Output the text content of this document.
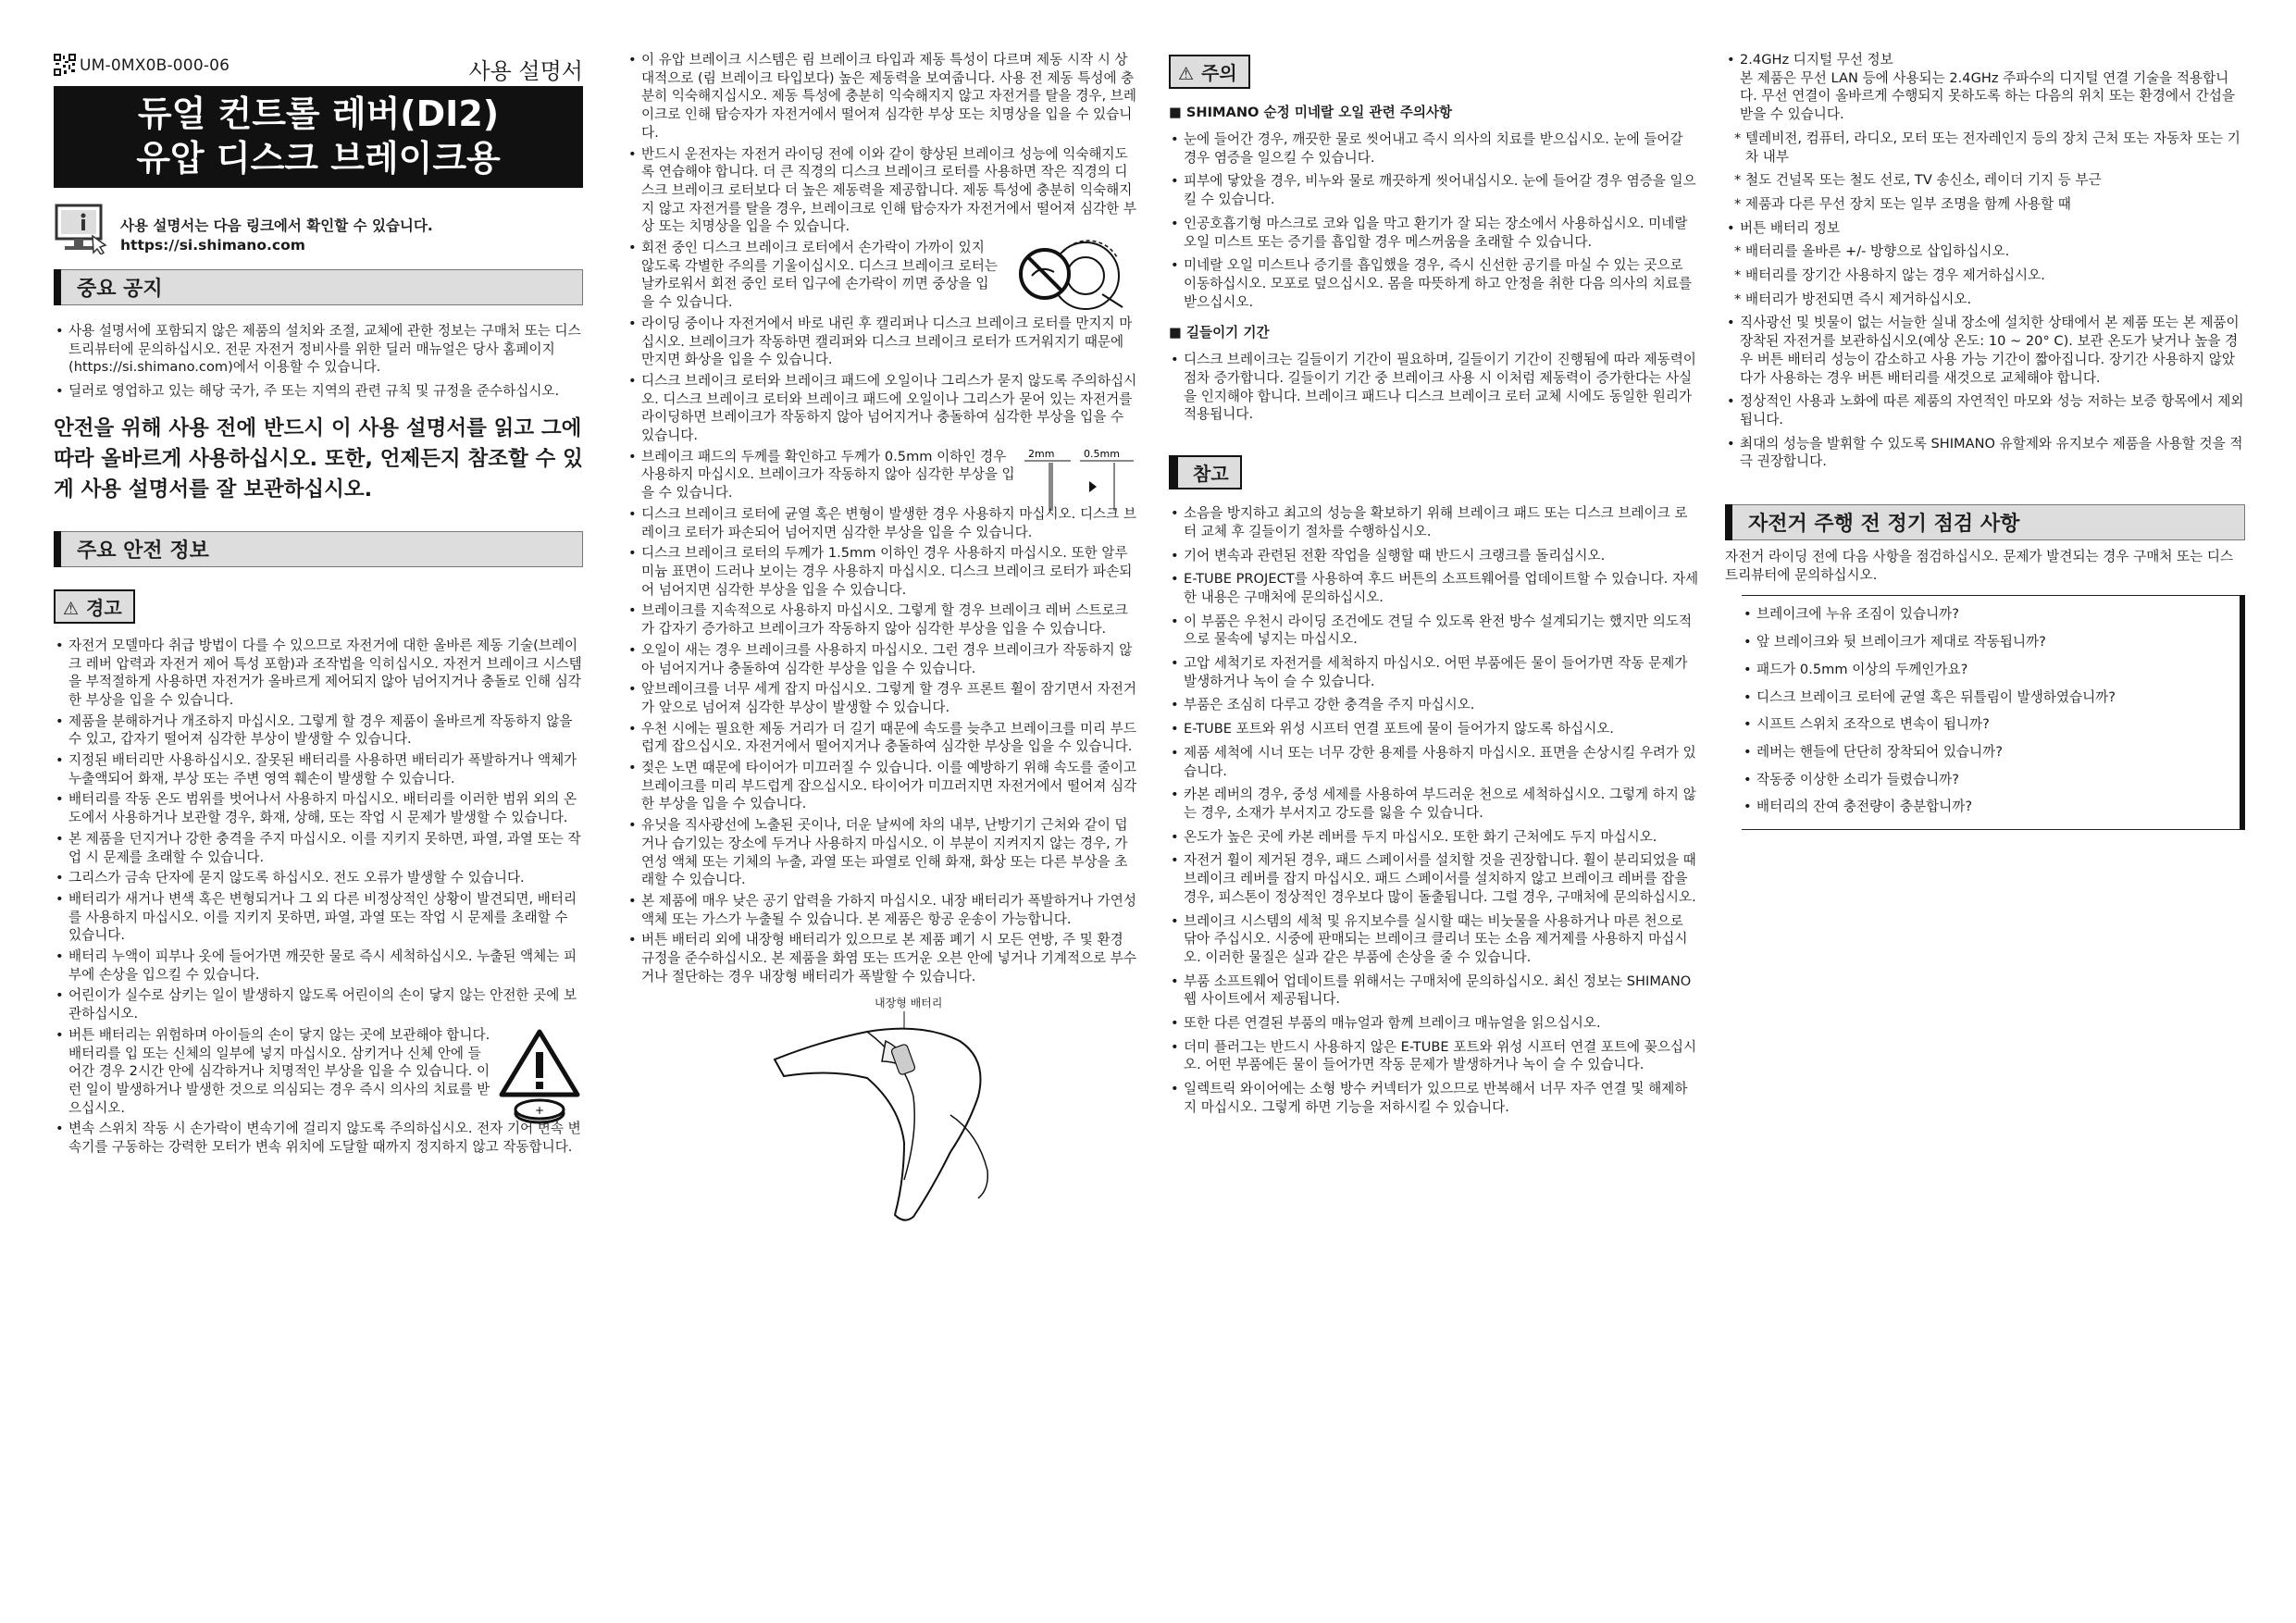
UM-0MX0B-000-06	사용 설명서
듀얼 컨트롤 레버(DI2)
유압 디스크 브레이크용
사용 설명서는 다음 링크에서 확인할 수 있습니다.
https://si.shimano.com
중요 공지
• 사용 설명서에 포함되지 않은 제품의 설치와 조절, 교체에 관한 정보는 구매처 또는 디스트리뷰터에 문의하십시오. 전문 자전거 정비사를 위한 딜러 매뉴얼은 당사 홈페이지(https://si.shimano.com)에서 이용할 수 있습니다.
• 딜러로 영업하고 있는 해당 국가, 주 또는 지역의 관련 규칙 및 규정을 준수하십시오.

안전을 위해 사용 전에 반드시 이 사용 설명서를 읽고 그에 따라 올바르게 사용하십시오. 또한, 언제든지 참조할 수 있게 사용 설명서를 잘 보관하십시오.

주요 안전 정보
⚠ 경고
• 자전거 모델마다 취급 방법이 다를 수 있으므로 자전거에 대한 올바른 제동 기술(브레이크 레버 압력과 자전거 제어 특성 포함)과 조작법을 익히십시오. 자전거 브레이크 시스템을 부적절하게 사용하면 자전거가 올바르게 제어되지 않아 넘어지거나 충돌로 인해 심각한 부상을 입을 수 있습니다.
• 제품을 분해하거나 개조하지 마십시오. 그렇게 할 경우 제품이 올바르게 작동하지 않을 수 있고, 갑자기 떨어져 심각한 부상이 발생할 수 있습니다.
• 지정된 배터리만 사용하십시오. 잘못된 배터리를 사용하면 배터리가 폭발하거나 액체가 누출액되어 화재, 부상 또는 주변 영역 훼손이 발생할 수 있습니다.
• 배터리를 작동 온도 범위를 벗어나서 사용하지 마십시오. 배터리를 이러한 범위 외의 온도에서 사용하거나 보관할 경우, 화재, 상해, 또는 작업 시 문제가 발생할 수 있습니다.
• 본 제품을 던지거나 강한 충격을 주지 마십시오. 이를 지키지 못하면, 파열, 과열 또는 작업 시 문제를 초래할 수 있습니다.
• 그리스가 금속 단자에 묻지 않도록 하십시오. 전도 오류가 발생할 수 있습니다.
• 배터리가 새거나 변색 혹은 변형되거나 그 외 다른 비정상적인 상황이 발견되면, 배터리를 사용하지 마십시오. 이를 지키지 못하면, 파열, 과열 또는 작업 시 문제를 초래할 수 있습니다.
• 배터리 누액이 피부나 옷에 들어가면 깨끗한 물로 즉시 세척하십시오. 누출된 액체는 피부에 손상을 입으킬 수 있습니다.
• 어린이가 실수로 삼키는 일이 발생하지 않도록 어린이의 손이 닿지 않는 안전한 곳에 보관하십시오.
• 버튼 배터리는 위험하며 아이들의 손이 닿지 않는 곳에 보관해야 합니다. 배터리를 입 또는 신체의 일부에 넣지 마십시오. 삼키거나 신체 안에 들어간 경우 2시간 안에 심각하거나 치명적인 부상을 입을 수 있습니다. 이런 일이 발생하거나 발생한 것으로 의심되는 경우 즉시 의사의 치료를 받으십시오.	+
• 변속 스위치 작동 시 손가락이 변속기에 걸리지 않도록 주의하십시오. 전자 기어 변속 변속기를 구동하는 강력한 모터가 변속 위치에 도달할 때까지 정지하지 않고 작동합니다.
• 이 유압 브레이크 시스템은 림 브레이크 타입과 제동 특성이 다르며 제동 시작 시 상대적으로 (림 브레이크 타입보다) 높은 제동력을 보여줍니다. 사용 전 제동 특성에 충분히 익숙해지십시오. 제동 특성에 충분히 익숙해지지 않고 자전거를 탈을 경우, 브레이크로 인해 탑승자가 자전거에서 떨어져 심각한 부상 또는 치명상을 입을 수 있습니다.
• 반드시 운전자는 자전거 라이딩 전에 이와 같이 향상된 브레이크 성능에 익숙해지도록 연습해야 합니다. 더 큰 직경의 디스크 브레이크 로터를 사용하면 작은 직경의 디스크 브레이크 로터보다 더 높은 제동력을 제공합니다. 제동 특성에 충분히 익숙해지지 않고 자전거를 탈을 경우, 브레이크로 인해 탑승자가 자전거에서 떨어져 심각한 부상 또는 치명상을 입을 수 있습니다.
• 회전 중인 디스크 브레이크 로터에서 손가락이 가까이 있지 않도록 각별한 주의를 기울이십시오. 디스크 브레이크 로터는 날카로워서 회전 중인 로터 입구에 손가락이 끼면 중상을 입을 수 있습니다.
• 라이딩 중이나 자전거에서 바로 내린 후 캘리퍼나 디스크 브레이크 로터를 만지지 마십시오. 브레이크가 작동하면 캘리퍼와 디스크 브레이크 로터가 뜨거워지기 때문에 만지면 화상을 입을 수 있습니다.
• 디스크 브레이크 로터와 브레이크 패드에 오일이나 그리스가 묻지 않도록 주의하십시오. 디스크 브레이크 로터와 브레이크 패드에 오일이나 그리스가 묻어 있는 자전거를 라이딩하면 브레이크가 작동하지 않아 넘어지거나 충돌하여 심각한 부상을 입을 수 있습니다.
• 브레이크 패드의 두께를 확인하고 두께가 0.5mm 이하인 경우 사용하지 마십시오. 브레이크가 작동하지 않아 심각한 부상을 입을 수 있습니다.
2mm	0.5mm
• 디스크 브레이크 로터에 균열 혹은 변형이 발생한 경우 사용하지 마십시오. 디스크 브레이크 로터가 파손되어 넘어지면 심각한 부상을 입을 수 있습니다.
• 디스크 브레이크 로터의 두께가 1.5mm 이하인 경우 사용하지 마십시오. 또한 알루미늄 표면이 드러나 보이는 경우 사용하지 마십시오. 디스크 브레이크 로터가 파손되어 넘어지면 심각한 부상을 입을 수 있습니다.
• 브레이크를 지속적으로 사용하지 마십시오. 그렇게 할 경우 브레이크 레버 스트로크가 갑자기 증가하고 브레이크가 작동하지 않아 심각한 부상을 입을 수 있습니다.
• 오일이 새는 경우 브레이크를 사용하지 마십시오. 그런 경우 브레이크가 작동하지 않아 넘어지거나 충돌하여 심각한 부상을 입을 수 있습니다.
• 앞브레이크를 너무 세게 잡지 마십시오. 그렇게 할 경우 프론트 휠이 잠기면서 자전거가 앞으로 넘어져 심각한 부상이 발생할 수 있습니다.
• 우천 시에는 필요한 제동 거리가 더 길기 때문에 속도를 늦추고 브레이크를 미리 부드럽게 잡으십시오. 자전거에서 떨어지거나 충돌하여 심각한 부상을 입을 수 있습니다.
• 젖은 노면 때문에 타이어가 미끄러질 수 있습니다. 이를 예방하기 위해 속도를 줄이고 브레이크를 미리 부드럽게 잡으십시오. 타이어가 미끄러지면 자전거에서 떨어져 심각한 부상을 입을 수 있습니다.
• 유닛을 직사광선에 노출된 곳이나, 더운 날씨에 차의 내부, 난방기기 근처와 같이 덥거나 습기있는 장소에 두거나 사용하지 마십시오. 이 부분이 지켜지지 않는 경우, 가연성 액체 또는 기체의 누출, 과열 또는 파열로 인해 화재, 화상 또는 다른 부상을 초래할 수 있습니다.
• 본 제품에 매우 낮은 공기 압력을 가하지 마십시오. 내장 배터리가 폭발하거나 가연성 액체 또는 가스가 누출될 수 있습니다. 본 제품은 항공 운송이 가능합니다.
• 버튼 배터리 외에 내장형 배터리가 있으므로 본 제품 폐기 시 모든 연방, 주 및 환경 규정을 준수하십시오. 본 제품을 화염 또는 뜨거운 오븐 안에 넣거나 기계적으로 부수거나 절단하는 경우 내장형 배터리가 폭발할 수 있습니다.
내장형 배터리
⚠ 주의

■ SHIMANO 순정 미네랄 오일 관련 주의사항

• 눈에 들어간 경우, 깨끗한 물로 씻어내고 즉시 의사의 치료를 받으십시오. 눈에 들어갈 경우 염증을 일으킬 수 있습니다.
• 피부에 닿았을 경우, 비누와 물로 깨끗하게 씻어내십시오. 눈에 들어갈 경우 염증을 일으킬 수 있습니다.
• 인공호흡기형 마스크로 코와 입을 막고 환기가 잘 되는 장소에서 사용하십시오. 미네랄 오일 미스트 또는 증기를 흡입할 경우 메스꺼움을 초래할 수 있습니다.
• 미네랄 오일 미스트나 증기를 흡입했을 경우, 즉시 신선한 공기를 마실 수 있는 곳으로 이동하십시오. 모포로 덮으십시오. 몸을 따뜻하게 하고 안정을 취한 다음 의사의 치료를 받으십시오.

■ 길들이기 기간

• 디스크 브레이크는 길들이기 기간이 필요하며, 길들이기 기간이 진행됨에 따라 제동력이 점차 증가합니다. 길들이기 기간 중 브레이크 사용 시 이처럼 제동력이 증가한다는 사실을 인지해야 합니다. 브레이크 패드나 디스크 브레이크 로터 교체 시에도 동일한 원리가 적용됩니다.
참고
• 소음을 방지하고 최고의 성능을 확보하기 위해 브레이크 패드 또는 디스크 브레이크 로터 교체 후 길들이기 절차를 수행하십시오.
• 기어 변속과 관련된 전환 작업을 실행할 때 반드시 크랭크를 돌리십시오.
• E-TUBE PROJECT를 사용하여 후드 버튼의 소프트웨어를 업데이트할 수 있습니다. 자세한 내용은 구매처에 문의하십시오.
• 이 부품은 우천시 라이딩 조건에도 견딜 수 있도록 완전 방수 설계되기는 했지만 의도적으로 물속에 넣지는 마십시오.
• 고압 세척기로 자전거를 세척하지 마십시오. 어떤 부품에든 물이 들어가면 작동 문제가 발생하거나 녹이 슬 수 있습니다.
• 부품은 조심히 다루고 강한 충격을 주지 마십시오.
• E-TUBE 포트와 위성 시프터 연결 포트에 물이 들어가지 않도록 하십시오.
• 제품 세척에 시너 또는 너무 강한 용제를 사용하지 마십시오. 표면을 손상시킬 우려가 있습니다.
• 카본 레버의 경우, 중성 세제를 사용하여 부드러운 천으로 세척하십시오. 그렇게 하지 않는 경우, 소재가 부서지고 강도를 잃을 수 있습니다.
• 온도가 높은 곳에 카본 레버를 두지 마십시오. 또한 화기 근처에도 두지 마십시오.
• 자전거 휠이 제거된 경우, 패드 스페이서를 설치할 것을 권장합니다. 휠이 분리되었을 때 브레이크 레버를 잡지 마십시오. 패드 스페이서를 설치하지 않고 브레이크 레버를 잡을 경우, 피스톤이 정상적인 경우보다 많이 돌출됩니다. 그럴 경우, 구매처에 문의하십시오.
• 브레이크 시스템의 세척 및 유지보수를 실시할 때는 비눗물을 사용하거나 마른 천으로 닦아 주십시오. 시중에 판매되는 브레이크 클리너 또는 소음 제거제를 사용하지 마십시오. 이러한 물질은 실과 같은 부품에 손상을 줄 수 있습니다.
• 부품 소프트웨어 업데이트를 위해서는 구매처에 문의하십시오. 최신 정보는 SHIMANO 웹 사이트에서 제공됩니다.
• 또한 다른 연결된 부품의 매뉴얼과 함께 브레이크 매뉴얼을 읽으십시오.
• 더미 플러그는 반드시 사용하지 않은 E-TUBE 포트와 위성 시프터 연결 포트에 꽂으십시오. 어떤 부품에든 물이 들어가면 작동 문제가 발생하거나 녹이 슬 수 있습니다.
• 일렉트릭 와이어에는 소형 방수 커넥터가 있으므로 반복해서 너무 자주 연결 및 해제하지 마십시오. 그렇게 하면 기능을 저하시킬 수 있습니다.
• 2.4GHz 디지털 무선 정보
본 제품은 무선 LAN 등에 사용되는 2.4GHz 주파수의 디지털 연결 기술을 적용합니다. 무선 연결이 올바르게 수행되지 못하도록 하는 다음의 위치 또는 환경에서 간섭을 받을 수 있습니다.
* 텔레비전, 컴퓨터, 라디오, 모터 또는 전자레인지 등의 장치 근처 또는 자동차 또는 기차 내부
* 철도 건널목 또는 철도 선로, TV 송신소, 레이더 기지 등 부근
* 제품과 다른 무선 장치 또는 일부 조명을 함께 사용할 때
• 버튼 배터리 정보
* 배터리를 올바른 +/- 방향으로 삽입하십시오.
* 배터리를 장기간 사용하지 않는 경우 제거하십시오.
* 배터리가 방전되면 즉시 제거하십시오.
• 직사광선 및 빗물이 없는 서늘한 실내 장소에 설치한 상태에서 본 제품 또는 본 제품이 장착된 자전거를 보관하십시오(예상 온도: 10 ~ 20° C). 보관 온도가 낮거나 높을 경우 버튼 배터리 성능이 감소하고 사용 가능 기간이 짧아집니다. 장기간 사용하지 않았다가 사용하는 경우 버튼 배터리를 새것으로 교체해야 합니다.
• 정상적인 사용과 노화에 따른 제품의 자연적인 마모와 성능 저하는 보증 항목에서 제외됩니다.
• 최대의 성능을 발휘할 수 있도록 SHIMANO 유할제와 유지보수 제품을 사용할 것을 적극 권장합니다.
자전거 주행 전 정기 점검 사항

자전거 라이딩 전에 다음 사항을 점검하십시오. 문제가 발견되는 경우 구매처 또는 디스트리뷰터에 문의하십시오.

• 브레이크에 누유 조짐이 있습니까?
• 앞 브레이크와 뒷 브레이크가 제대로 작동됩니까?
• 패드가 0.5mm 이상의 두께인가요?
• 디스크 브레이크 로터에 균열 혹은 뒤틀림이 발생하였습니까?
• 시프트 스위치 조작으로 변속이 됩니까?
• 레버는 핸들에 단단히 장착되어 있습니까?
• 작동중 이상한 소리가 들렸습니까?
• 배터리의 잔여 충전량이 충분합니까?
